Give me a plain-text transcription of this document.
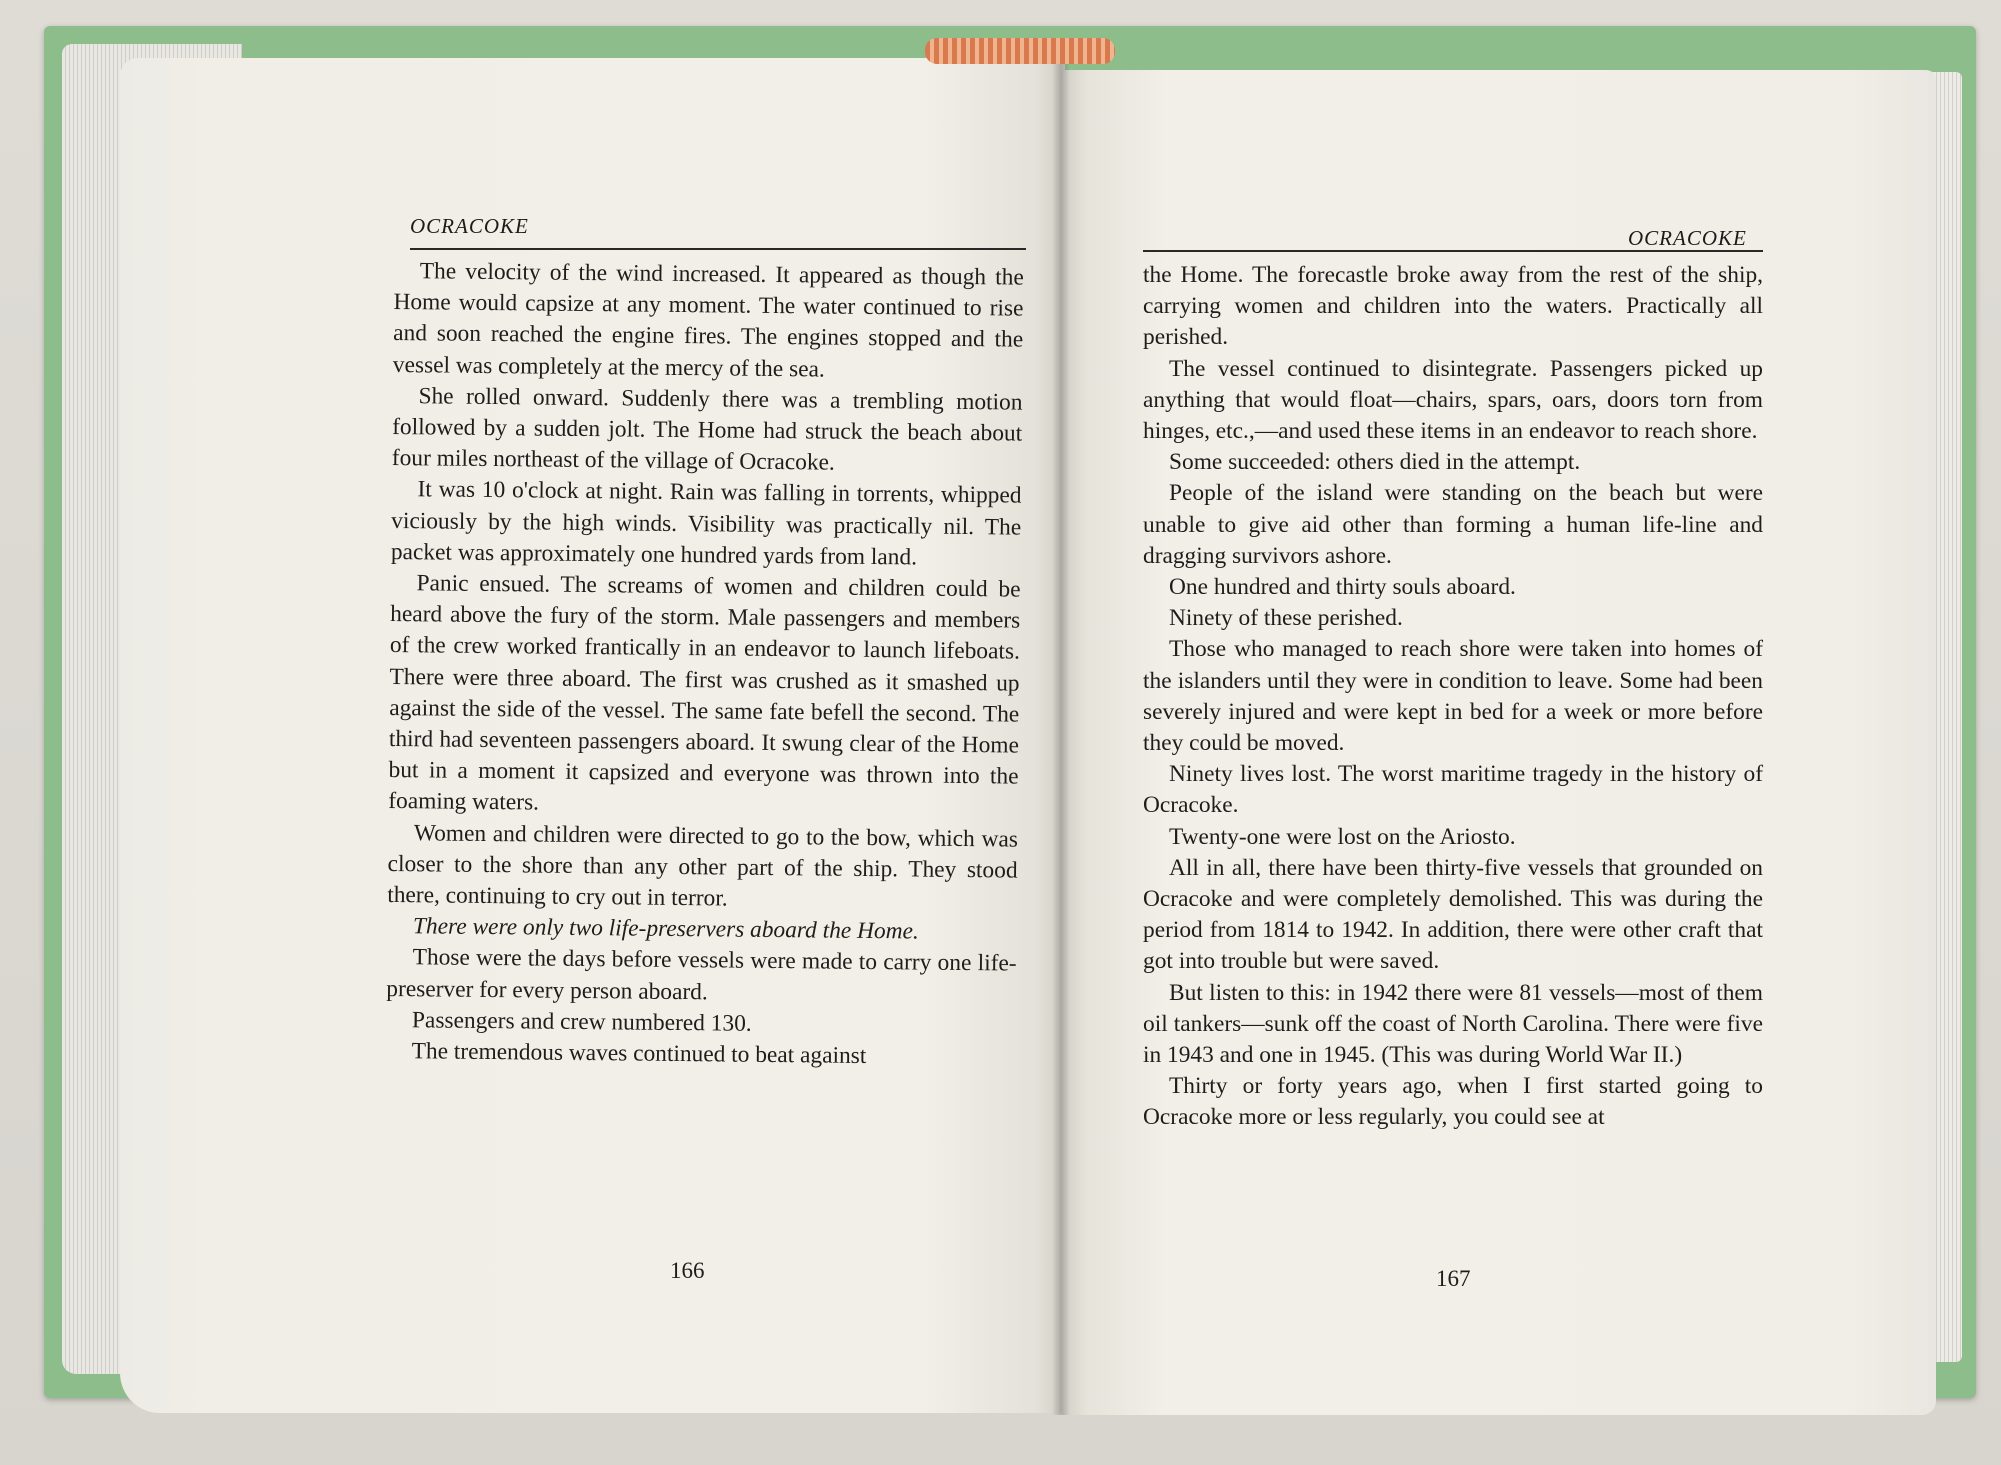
OCRACOKE

The velocity of the wind increased. It appeared as though the Home would capsize at any moment. The water continued to rise and soon reached the engine fires. The engines stopped and the vessel was completely at the mercy of the sea.

She rolled onward. Suddenly there was a trembling motion followed by a sudden jolt. The Home had struck the beach about four miles northeast of the village of Ocracoke.

It was 10 o'clock at night. Rain was falling in torrents, whipped viciously by the high winds. Visibility was practically nil. The packet was approximately one hundred yards from land.

Panic ensued. The screams of women and children could be heard above the fury of the storm. Male passengers and members of the crew worked frantically in an endeavor to launch lifeboats. There were three aboard. The first was crushed as it smashed up against the side of the vessel. The same fate befell the second. The third had seventeen passengers aboard. It swung clear of the Home but in a moment it capsized and everyone was thrown into the foaming waters.

Women and children were directed to go to the bow, which was closer to the shore than any other part of the ship. They stood there, continuing to cry out in terror.

There were only two life-preservers aboard the Home.

Those were the days before vessels were made to carry one life-preserver for every person aboard.

Passengers and crew numbered 130.

The tremendous waves continued to beat against

166
OCRACOKE

the Home. The forecastle broke away from the rest of the ship, carrying women and children into the waters. Practically all perished.

The vessel continued to disintegrate. Passengers picked up anything that would float—chairs, spars, oars, doors torn from hinges, etc.,—and used these items in an endeavor to reach shore.

Some succeeded: others died in the attempt.

People of the island were standing on the beach but were unable to give aid other than forming a human life-line and dragging survivors ashore.

One hundred and thirty souls aboard.

Ninety of these perished.

Those who managed to reach shore were taken into homes of the islanders until they were in condition to leave. Some had been severely injured and were kept in bed for a week or more before they could be moved.

Ninety lives lost. The worst maritime tragedy in the history of Ocracoke.

Twenty-one were lost on the Ariosto.

All in all, there have been thirty-five vessels that grounded on Ocracoke and were completely demolished. This was during the period from 1814 to 1942. In addition, there were other craft that got into trouble but were saved.

But listen to this: in 1942 there were 81 vessels—most of them oil tankers—sunk off the coast of North Carolina. There were five in 1943 and one in 1945. (This was during World War II.)

Thirty or forty years ago, when I first started going to Ocracoke more or less regularly, you could see at

167
